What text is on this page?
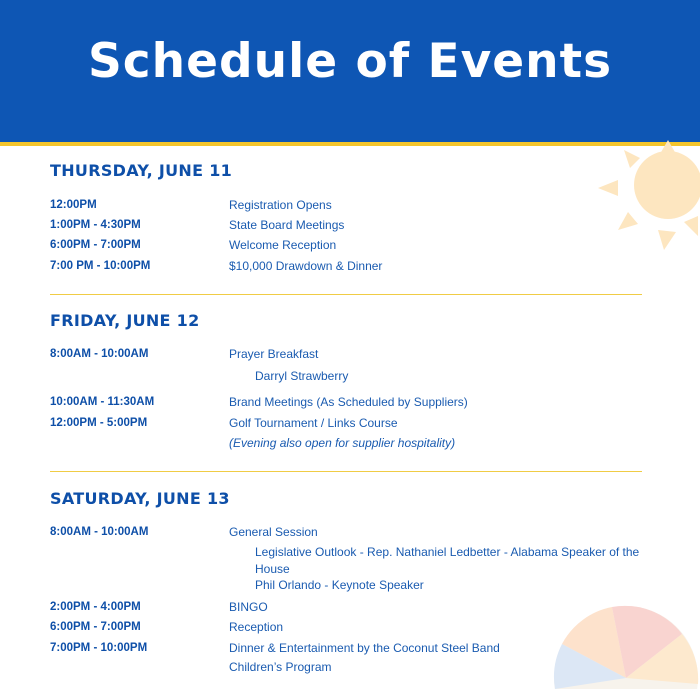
Schedule of Events
THURSDAY, JUNE 11
12:00PM	Registration Opens
1:00PM - 4:30PM	State Board Meetings
6:00PM - 7:00PM	Welcome Reception
7:00 PM - 10:00PM	$10,000 Drawdown & Dinner
FRIDAY, JUNE 12
8:00AM - 10:00AM	Prayer Breakfast
Darryl Strawberry
10:00AM - 11:30AM	Brand Meetings (As Scheduled by Suppliers)
12:00PM - 5:00PM	Golf Tournament / Links Course
(Evening also open for supplier hospitality)
SATURDAY, JUNE 13
8:00AM - 10:00AM	General Session
Legislative Outlook - Rep. Nathaniel Ledbetter - Alabama Speaker of the House
Phil Orlando - Keynote Speaker
2:00PM - 4:00PM	BINGO
6:00PM - 7:00PM	Reception
7:00PM - 10:00PM	Dinner & Entertainment by the Coconut Steel Band
Children’s Program
